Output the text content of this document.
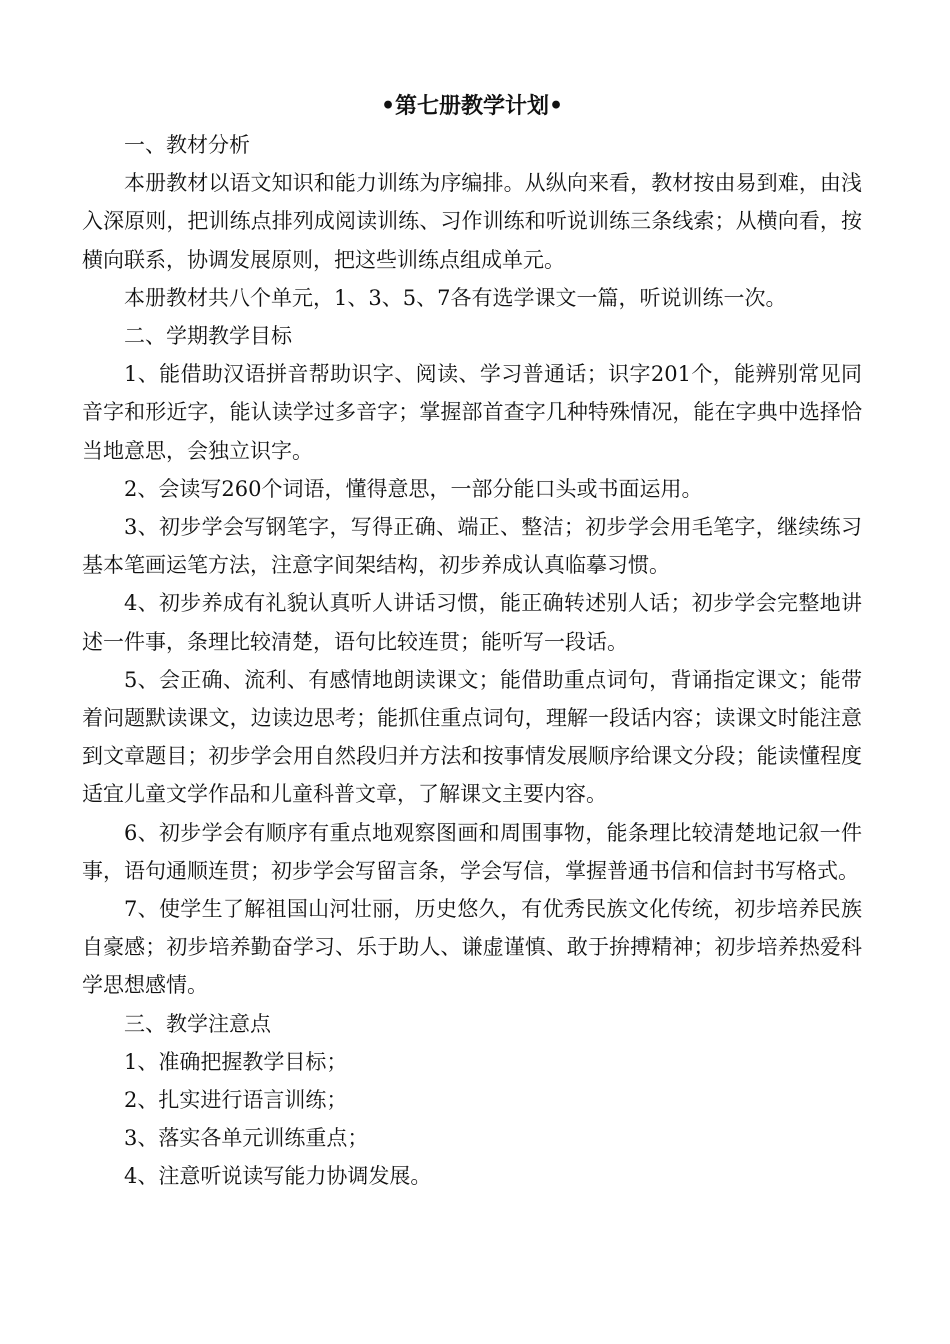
•第七册教学计划•

一、教材分析

本册教材以语文知识和能力训练为序编排。从纵向来看，教材按由易到难，由浅入深原则，把训练点排列成阅读训练、习作训练和听说训练三条线索；从横向看，按横向联系，协调发展原则，把这些训练点组成单元。

本册教材共八个单元，1、3、5、7各有选学课文一篇，听说训练一次。

二、学期教学目标

1、能借助汉语拼音帮助识字、阅读、学习普通话；识字201个，能辨别常见同音字和形近字，能认读学过多音字；掌握部首查字几种特殊情况，能在字典中选择恰当地意思，会独立识字。

2、会读写260个词语，懂得意思，一部分能口头或书面运用。

3、初步学会写钢笔字，写得正确、端正、整洁；初步学会用毛笔字，继续练习基本笔画运笔方法，注意字间架结构，初步养成认真临摹习惯。

4、初步养成有礼貌认真听人讲话习惯，能正确转述别人话；初步学会完整地讲述一件事，条理比较清楚，语句比较连贯；能听写一段话。

5、会正确、流利、有感情地朗读课文；能借助重点词句，背诵指定课文；能带着问题默读课文，边读边思考；能抓住重点词句，理解一段话内容；读课文时能注意到文章题目；初步学会用自然段归并方法和按事情发展顺序给课文分段；能读懂程度适宜儿童文学作品和儿童科普文章，了解课文主要内容。

6、初步学会有顺序有重点地观察图画和周围事物，能条理比较清楚地记叙一件事，语句通顺连贯；初步学会写留言条，学会写信，掌握普通书信和信封书写格式。

7、使学生了解祖国山河壮丽，历史悠久，有优秀民族文化传统，初步培养民族自豪感；初步培养勤奋学习、乐于助人、谦虚谨慎、敢于拚搏精神；初步培养热爱科学思想感情。

三、教学注意点

1、准确把握教学目标；

2、扎实进行语言训练；

3、落实各单元训练重点；

4、注意听说读写能力协调发展。
